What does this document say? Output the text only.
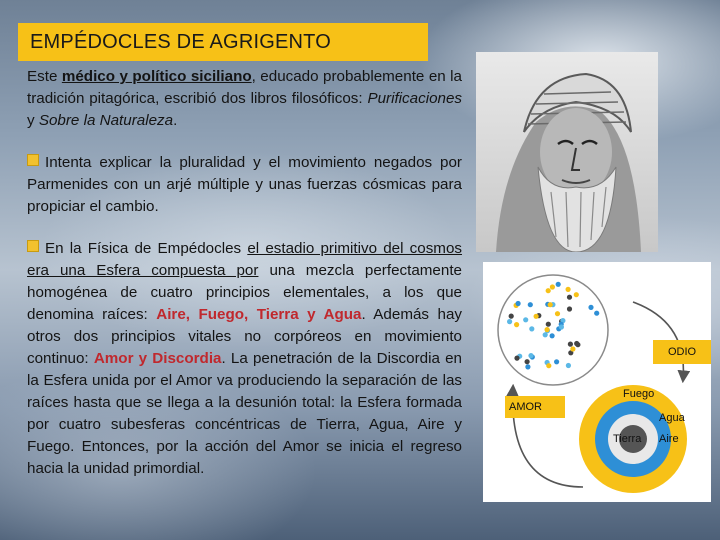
EMPÉDOCLES DE AGRIGENTO
Este médico y político siciliano, educado probablemente en la tradición pitagórica, escribió dos libros filosóficos: Purificaciones y Sobre la Naturaleza.
Intenta explicar la pluralidad y el movimiento negados por Parmenides con un arjé múltiple y unas fuerzas cósmicas para propiciar el cambio.
En la Física de Empédocles el estadio primitivo del cosmos era una Esfera compuesta por una mezcla perfectamente homogénea de cuatro principios elementales, a los que denomina raíces: Aire, Fuego, Tierra y Agua. Además hay otros dos principios vitales no corpóreos en movimiento continuo: Amor y Discordia. La penetración de la Discordia en la Esfera unida por el Amor va produciendo la separación de las raíces hasta que se llega a la desunión total: la Esfera formada por cuatro subesferas concéntricas de Tierra, Agua, Aire y Fuego. Entonces, por la acción del Amor se inicia el regreso hacia la unidad primordial.
ODIO
AMOR
Fuego
Agua
Tierra Aire
